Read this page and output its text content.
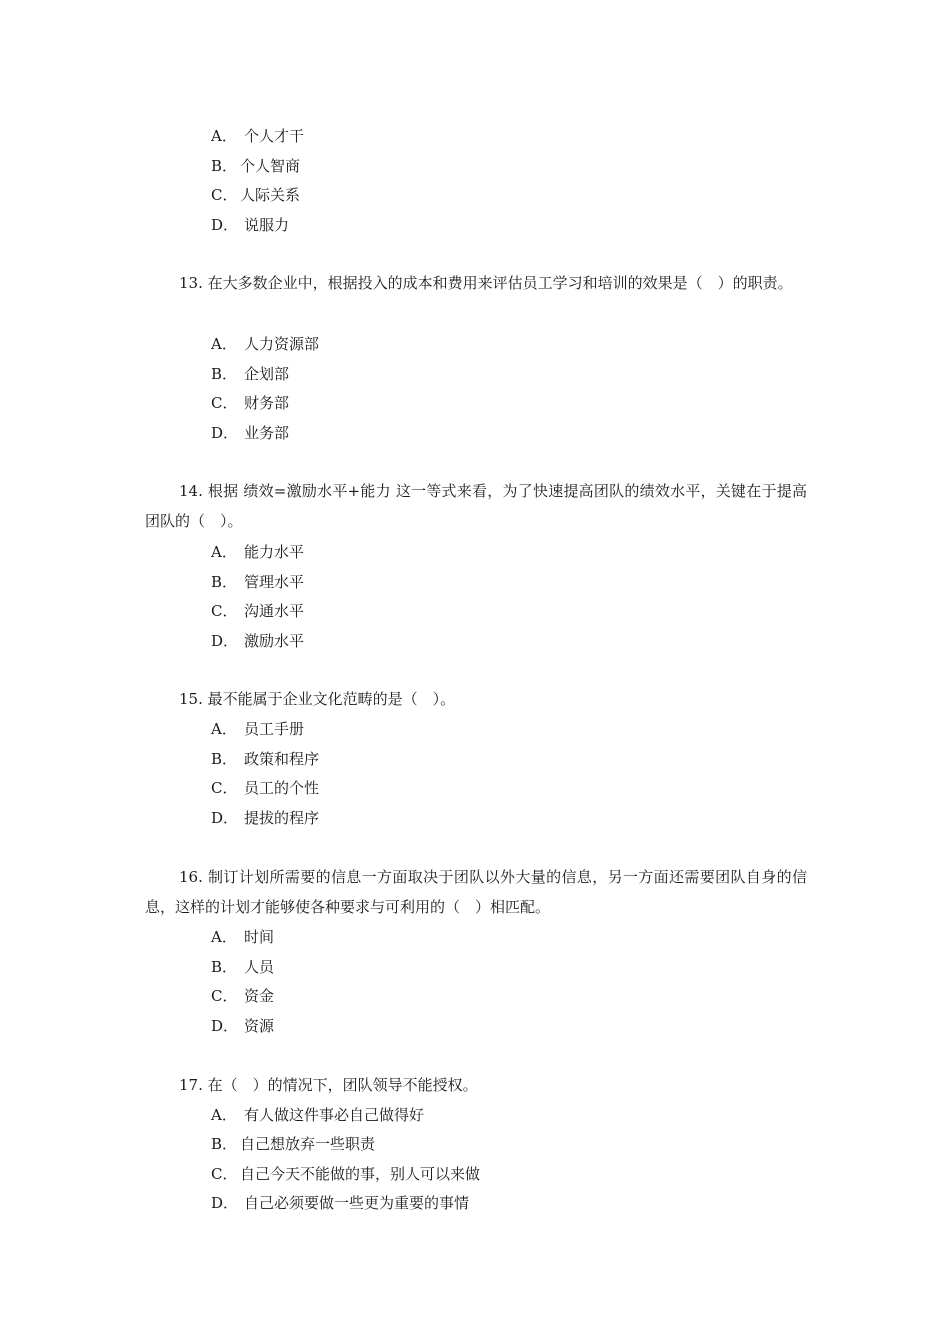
A． 个人才干
B． 个人智商
C． 人际关系
D． 说服力
13. 在大多数企业中，根据投入的成本和费用来评估员工学习和培训的效果是（　）的职责。
A． 人力资源部
B． 企划部
C． 财务部
D． 业务部
14. 根据 绩效=激励水平+能力 这一等式来看，为了快速提高团队的绩效水平，关键在于提高团队的（　）。
A． 能力水平
B． 管理水平
C． 沟通水平
D． 激励水平
15. 最不能属于企业文化范畴的是（　）。
A． 员工手册
B． 政策和程序
C． 员工的个性
D． 提拔的程序
16. 制订计划所需要的信息一方面取决于团队以外大量的信息，另一方面还需要团队自身的信息，这样的计划才能够使各种要求与可利用的（　）相匹配。
A． 时间
B． 人员
C． 资金
D． 资源
17. 在（　）的情况下，团队领导不能授权。
A． 有人做这件事必自己做得好
B． 自己想放弃一些职责
C． 自己今天不能做的事，别人可以来做
D． 自己必须要做一些更为重要的事情
